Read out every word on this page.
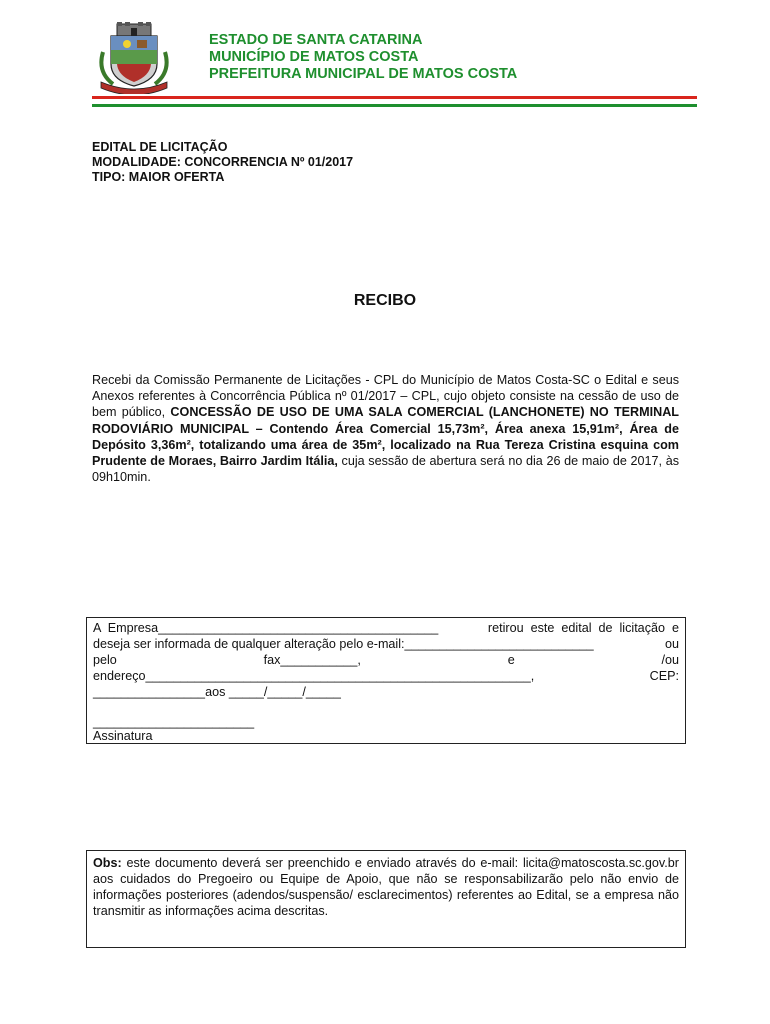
ESTADO DE SANTA CATARINA
MUNICÍPIO DE MATOS COSTA
PREFEITURA MUNICIPAL DE MATOS COSTA
EDITAL DE LICITAÇÃO
MODALIDADE: CONCORRENCIA Nº 01/2017
TIPO: MAIOR OFERTA
RECIBO
Recebi da Comissão Permanente de Licitações - CPL do Município de Matos Costa-SC o Edital e seus Anexos referentes à Concorrência Pública nº 01/2017 – CPL, cujo objeto consiste na cessão de uso de bem público, CONCESSÃO DE USO DE UMA SALA COMERCIAL (LANCHONETE) NO TERMINAL RODOVIÁRIO MUNICIPAL – Contendo Área Comercial 15,73m², Área anexa 15,91m², Área de Depósito 3,36m², totalizando uma área de 35m², localizado na Rua Tereza Cristina esquina com Prudente de Moraes, Bairro Jardim Itália, cuja sessão de abertura será no dia 26 de maio de 2017, às 09h10min.
A  Empresa________________________________________	retirou  este  edital  de  licitação  e
deseja ser informada de qualquer alteração pelo e-mail:___________________________	ou
pelo	fax___________,	e	/ou
endereço_______________________________________________________,	CEP:
________________aos _____/_____/_____
_______________________
Assinatura
Obs: este documento deverá ser preenchido e enviado através do e-mail: licita@matoscosta.sc.gov.br aos cuidados do Pregoeiro ou Equipe de Apoio, que não se responsabilizarão pelo não envio de informações posteriores (adendos/suspensão/ esclarecimentos) referentes ao Edital, se a empresa não transmitir as informações acima descritas.
